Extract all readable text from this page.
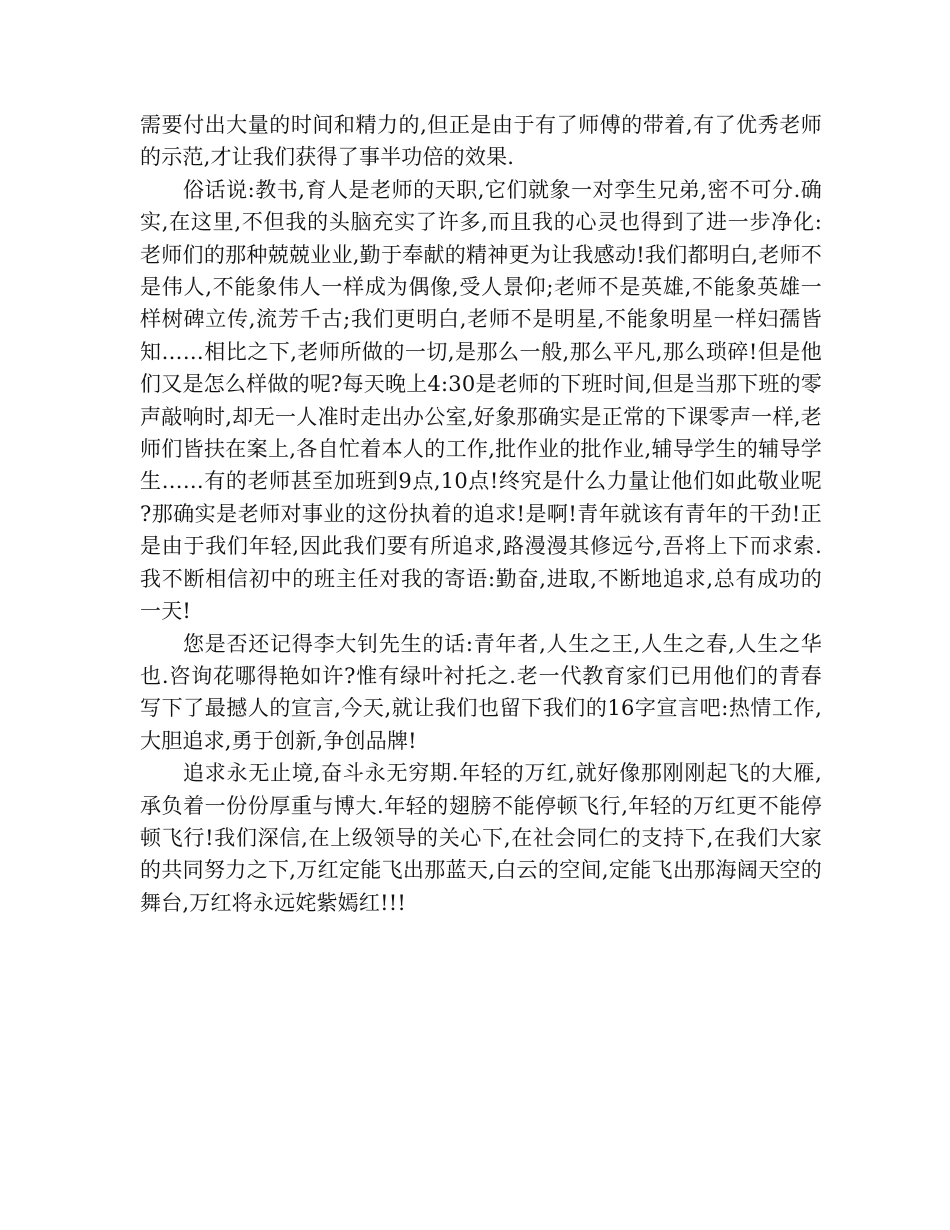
需要付出大量的时间和精力的,但正是由于有了师傅的带着,有了优秀老师的示范,才让我们获得了事半功倍的效果.

俗话说:教书,育人是老师的天职,它们就象一对孪生兄弟,密不可分.确实,在这里,不但我的头脑充实了许多,而且我的心灵也得到了进一步净化:老师们的那种兢兢业业,勤于奉献的精神更为让我感动!我们都明白,老师不是伟人,不能象伟人一样成为偶像,受人景仰;老师不是英雄,不能象英雄一样树碑立传,流芳千古;我们更明白,老师不是明星,不能象明星一样妇孺皆知……相比之下,老师所做的一切,是那么一般,那么平凡,那么琐碎!但是他们又是怎么样做的呢?每天晚上4:30是老师的下班时间,但是当那下班的零声敲响时,却无一人准时走出办公室,好象那确实是正常的下课零声一样,老师们皆扶在案上,各自忙着本人的工作,批作业的批作业,辅导学生的辅导学生……有的老师甚至加班到9点,10点!终究是什么力量让他们如此敬业呢?那确实是老师对事业的这份执着的追求!是啊!青年就该有青年的干劲!正是由于我们年轻,因此我们要有所追求,路漫漫其修远兮,吾将上下而求索.我不断相信初中的班主任对我的寄语:勤奋,进取,不断地追求,总有成功的一天!

您是否还记得李大钊先生的话:青年者,人生之王,人生之春,人生之华也.咨询花哪得艳如许?惟有绿叶衬托之.老一代教育家们已用他们的青春写下了最撼人的宣言,今天,就让我们也留下我们的16字宣言吧:热情工作,大胆追求,勇于创新,争创品牌!

追求永无止境,奋斗永无穷期.年轻的万红,就好像那刚刚起飞的大雁,承负着一份份厚重与博大.年轻的翅膀不能停顿飞行,年轻的万红更不能停顿飞行!我们深信,在上级领导的关心下,在社会同仁的支持下,在我们大家的共同努力之下,万红定能飞出那蓝天,白云的空间,定能飞出那海阔天空的舞台,万红将永远姹紫嫣红!!!
